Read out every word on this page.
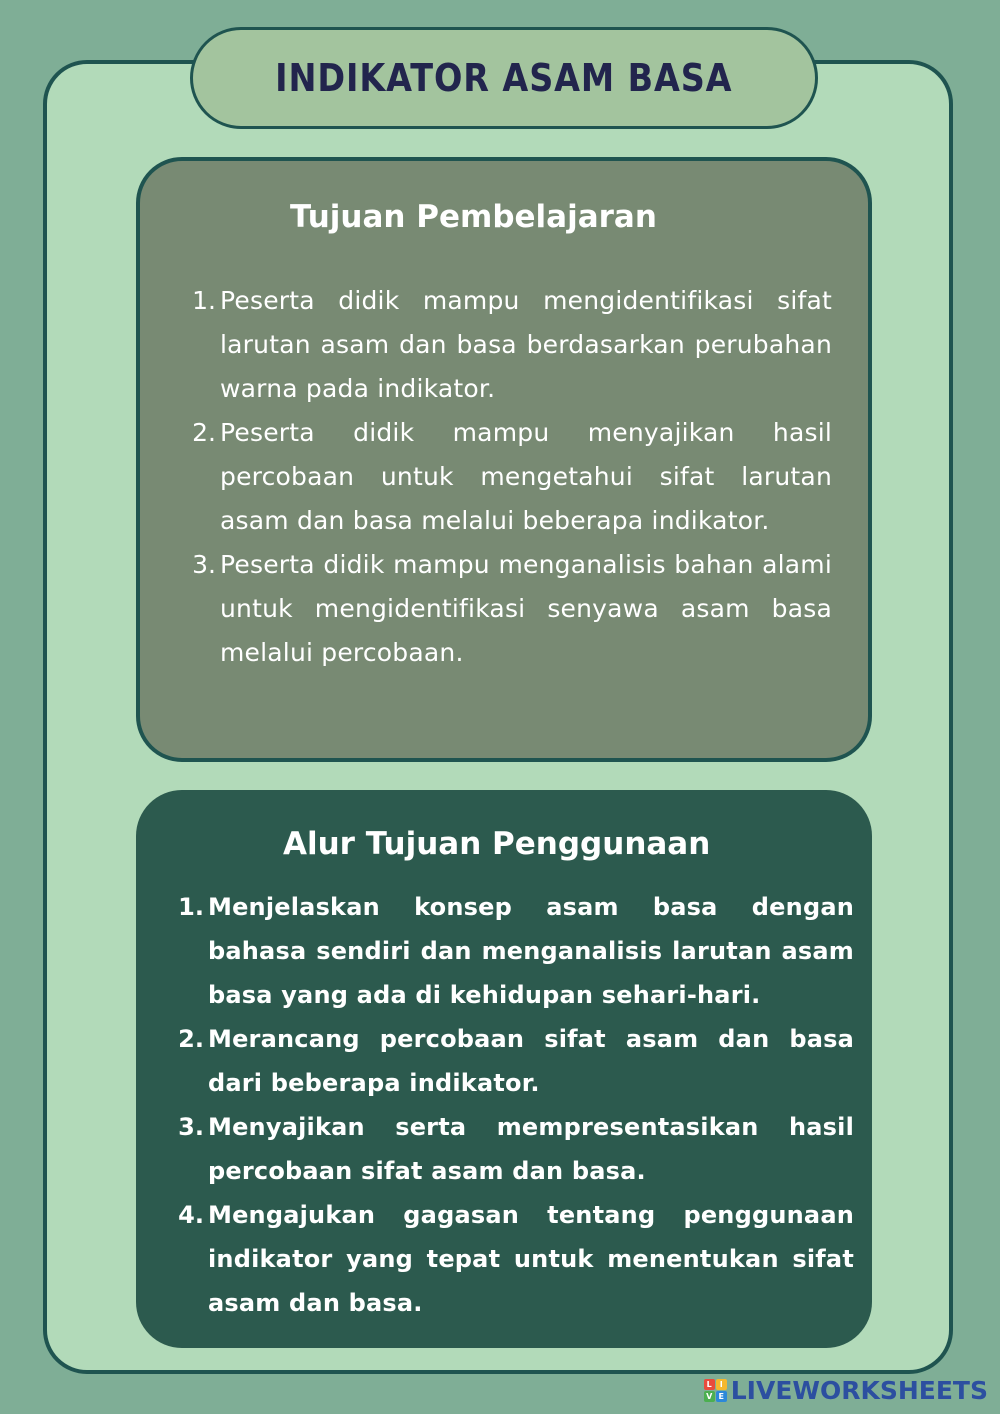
INDIKATOR ASAM BASA
Tujuan Pembelajaran
1. Peserta didik mampu mengidentifikasi sifat larutan asam dan basa berdasarkan perubahan warna pada indikator.
2. Peserta didik mampu menyajikan hasil percobaan untuk mengetahui sifat larutan asam dan basa melalui beberapa indikator.
3. Peserta didik mampu menganalisis bahan alami untuk mengidentifikasi senyawa asam basa melalui percobaan.
Alur Tujuan Penggunaan
1. Menjelaskan konsep asam basa dengan bahasa sendiri dan menganalisis larutan asam basa yang ada di kehidupan sehari-hari.
2. Merancang percobaan sifat asam dan basa dari beberapa indikator.
3. Menyajikan serta mempresentasikan hasil percobaan sifat asam dan basa.
4. Mengajukan gagasan tentang penggunaan indikator yang tepat untuk menentukan sifat asam dan basa.
L I
V E LIVEWORKSHEETS
